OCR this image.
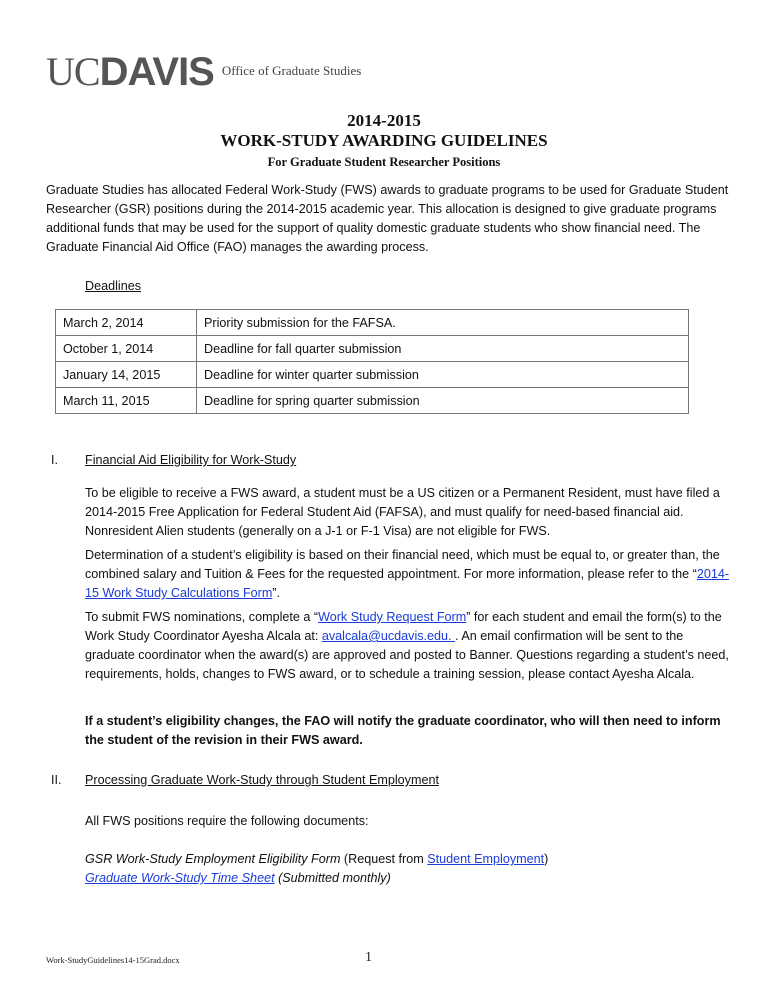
UC DAVIS Office of Graduate Studies
2014-2015
WORK-STUDY AWARDING GUIDELINES
For Graduate Student Researcher Positions
Graduate Studies has allocated Federal Work-Study (FWS) awards to graduate programs to be used for Graduate Student Researcher (GSR) positions during the 2014-2015 academic year. This allocation is designed to give graduate programs additional funds that may be used for the support of quality domestic graduate students who show financial need. The Graduate Financial Aid Office (FAO) manages the awarding process.
Deadlines
March 2, 2014	Priority submission for the FAFSA.
October 1, 2014	Deadline for fall quarter submission
January 14, 2015	Deadline for winter quarter submission
March 11, 2015	Deadline for spring quarter submission
I. Financial Aid Eligibility for Work-Study
To be eligible to receive a FWS award, a student must be a US citizen or a Permanent Resident, must have filed a 2014-2015 Free Application for Federal Student Aid (FAFSA), and must qualify for need-based financial aid. Nonresident Alien students (generally on a J-1 or F-1 Visa) are not eligible for FWS.
Determination of a student’s eligibility is based on their financial need, which must be equal to, or greater than, the combined salary and Tuition & Fees for the requested appointment. For more information, please refer to the “2014-15 Work Study Calculations Form”.
To submit FWS nominations, complete a “Work Study Request Form” for each student and email the form(s) to the Work Study Coordinator Ayesha Alcala at: avalcala@ucdavis.edu. . An email confirmation will be sent to the graduate coordinator when the award(s) are approved and posted to Banner. Questions regarding a student’s need, requirements, holds, changes to FWS award, or to schedule a training session, please contact Ayesha Alcala.
If a student’s eligibility changes, the FAO will notify the graduate coordinator, who will then need to inform the student of the revision in their FWS award.
II. Processing Graduate Work-Study through Student Employment
All FWS positions require the following documents:
GSR Work-Study Employment Eligibility Form (Request from Student Employment)
Graduate Work-Study Time Sheet (Submitted monthly)
Work-StudyGuidelines14-15Grad.docx	1
